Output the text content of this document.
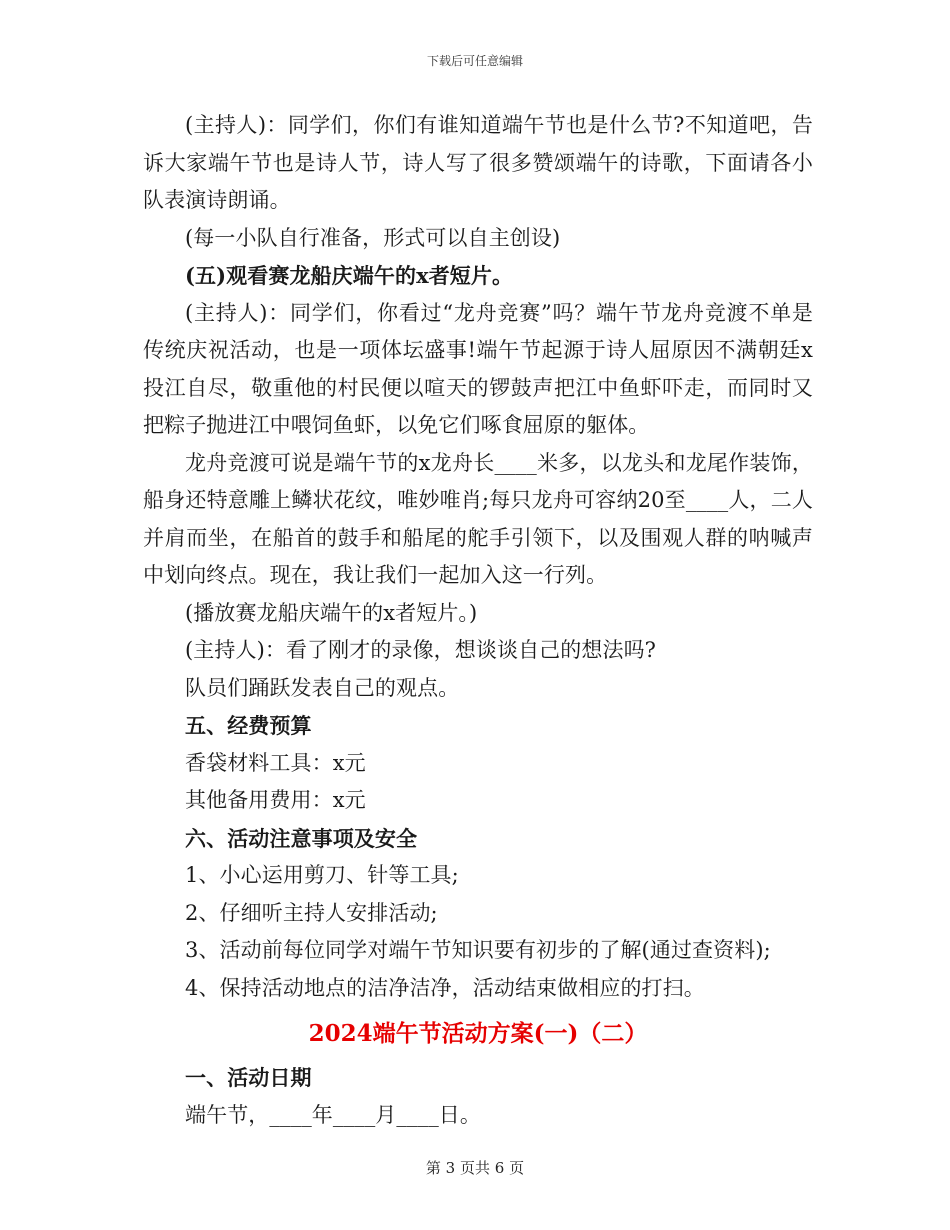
下载后可任意编辑

(主持人)：同学们，你们有谁知道端午节也是什么节?不知道吧，告诉大家端午节也是诗人节，诗人写了很多赞颂端午的诗歌，下面请各小队表演诗朗诵。

(每一小队自行准备，形式可以自主创设)

(五)观看赛龙船庆端午的x者短片。

(主持人)：同学们，你看过“龙舟竞赛”吗？端午节龙舟竞渡不单是传统庆祝活动，也是一项体坛盛事!端午节起源于诗人屈原因不满朝廷x投江自尽，敬重他的村民便以喧天的锣鼓声把江中鱼虾吓走，而同时又把粽子抛进江中喂饲鱼虾，以免它们啄食屈原的躯体。

龙舟竞渡可说是端午节的x龙舟长____米多，以龙头和龙尾作装饰，船身还特意雕上鳞状花纹，唯妙唯肖;每只龙舟可容纳20至____人，二人并肩而坐，在船首的鼓手和船尾的舵手引领下，以及围观人群的呐喊声中划向终点。现在，我让我们一起加入这一行列。

(播放赛龙船庆端午的x者短片。)

(主持人)：看了刚才的录像，想谈谈自己的想法吗?

队员们踊跃发表自己的观点。

五、经费预算

香袋材料工具：x元

其他备用费用：x元

六、活动注意事项及安全

1、小心运用剪刀、针等工具;

2、仔细听主持人安排活动;

3、活动前每位同学对端午节知识要有初步的了解(通过查资料);

4、保持活动地点的洁净洁净，活动结束做相应的打扫。

2024端午节活动方案(一)（二）

一、活动日期

端午节，____年____月____日。

第 3 页共 6 页
